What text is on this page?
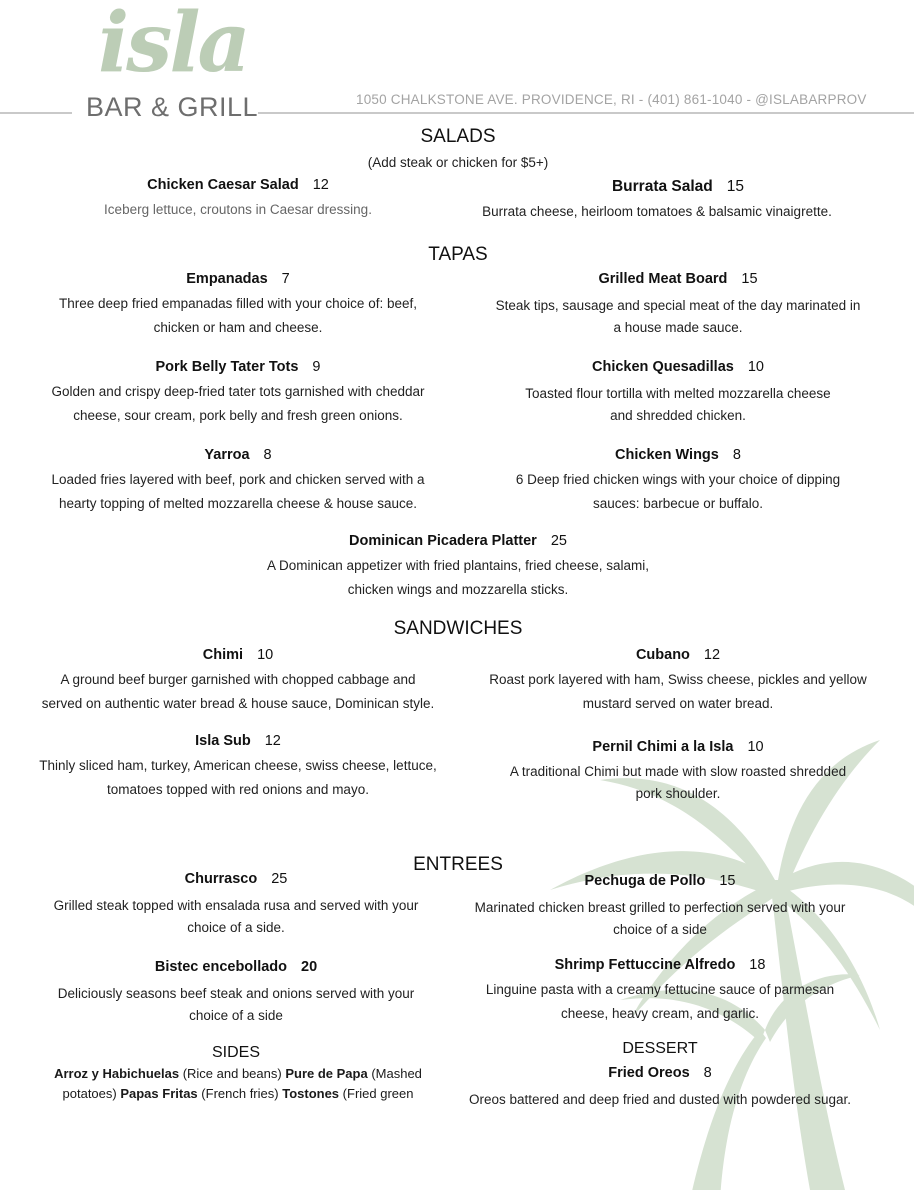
isla
BAR & GRILL	1050 CHALKSTONE AVE. PROVIDENCE, RI - (401) 861-1040 - @ISLABARPROV
SALADS
(Add steak or chicken for $5+)
Chicken Caesar Salad 12
Iceberg lettuce, croutons in Caesar dressing.
Burrata Salad 15
Burrata cheese, heirloom tomatoes & balsamic vinaigrette.
TAPAS
Empanadas 7
Three deep fried empanadas filled with your choice of: beef,
chicken or ham and cheese.
Grilled Meat Board 15
Steak tips, sausage and special meat of the day marinated in
a house made sauce.
Pork Belly Tater Tots 9
Golden and crispy deep-fried tater tots garnished with cheddar
cheese, sour cream, pork belly and fresh green onions.
Chicken Quesadillas 10
Toasted flour tortilla with melted mozzarella cheese
and shredded chicken.
Yarroa 8
Loaded fries layered with beef, pork and chicken served with a
hearty topping of melted mozzarella cheese & house sauce.
Chicken Wings 8
6 Deep fried chicken wings with your choice of dipping
sauces: barbecue or buffalo.
Dominican Picadera Platter 25
A Dominican appetizer with fried plantains, fried cheese, salami,
chicken wings and mozzarella sticks.
SANDWICHES
Chimi 10
A ground beef burger garnished with chopped cabbage and
served on authentic water bread & house sauce, Dominican style.
Cubano 12
Roast pork layered with ham, Swiss cheese, pickles and yellow
mustard served on water bread.
Isla Sub 12
Thinly sliced ham, turkey, American cheese, swiss cheese, lettuce,
tomatoes topped with red onions and mayo.
Pernil Chimi a la Isla 10
A traditional Chimi but made with slow roasted shredded
pork shoulder.
ENTREES
Churrasco 25
Grilled steak topped with ensalada rusa and served with your
choice of a side.
Pechuga de Pollo 15
Marinated chicken breast grilled to perfection served with your
choice of a side
Bistec encebollado 20
Deliciously seasons beef steak and onions served with your
choice of a side
Shrimp Fettuccine Alfredo 18
Linguine pasta with a creamy fettucine sauce of parmesan
cheese, heavy cream, and garlic.
SIDES
Arroz y Habichuelas (Rice and beans) Pure de Papa (Mashed potatoes) Papas Fritas (French fries) Tostones (Fried green
DESSERT
Fried Oreos 8
Oreos battered and deep fried and dusted with powdered sugar.
